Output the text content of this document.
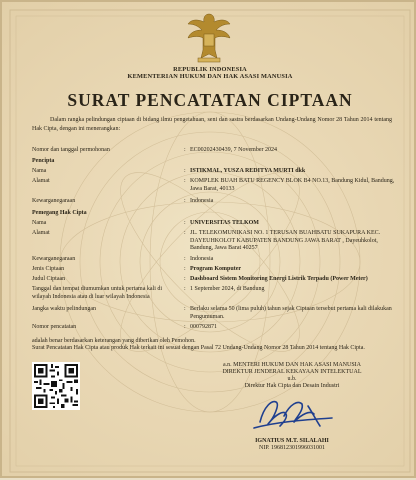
REPUBLIK INDONESIA
KEMENTERIAN HUKUM DAN HAK ASASI MANUSIA
SURAT PENCATATAN CIPTAAN
Dalam rangka pelindungan ciptaan di bidang ilmu pengetahuan, seni dan sastra berdasarkan Undang-Undang Nomor 28 Tahun 2014 tentang Hak Cipta, dengan ini menerangkan:
Nomor dan tanggal permohonan	: EC00202430439, 7 November 2024
Pencipta
Nama	: ISTIKMAL, YUSZA REDITYA MURTI dkk
Alamat	: KOMPLEK BUAH BATU REGENCY BLOK B4 NO.13, Bandung Kidul, Bandung, Jawa Barat, 40133
Kewarganegaraan	: Indonesia
Pemegang Hak Cipta
Nama	: UNIVERSITAS TELKOM
Alamat	: JL. TELEKOMUNIKASI NO. 1 TERUSAN BUAHBATU SUKAPURA KEC. DAYEUHKOLOT KABUPATEN BANDUNG JAWA BARAT , Dayeuhkolot, Bandung, Jawa Barat 40257
Kewarganegaraan	: Indonesia
Jenis Ciptaan	: Program Komputer
Judul Ciptaan	: Dashboard Sistem Monitoring Energi Listrik Terpadu (Power Meter)
Tanggal dan tempat diumumkan untuk pertama kali di wilayah Indonesia atau di luar wilayah Indonesia
: 1 September 2024, di Bandung
Jangka waktu pelindungan	: Berlaku selama 50 (lima puluh) tahun sejak Ciptaan tersebut pertama kali dilakukan Pengumuman.
Nomor pencatatan	: 000792871
adalah benar berdasarkan keterangan yang diberikan oleh Pemohon.
Surat Pencatatan Hak Cipta atau produk Hak terkait ini sesuai dengan Pasal 72 Undang-Undang Nomor 28 Tahun 2014 tentang Hak Cipta.
a.n. MENTERI HUKUM DAN HAK ASASI MANUSIA
DIREKTUR JENDERAL KEKAYAAN INTELEKTUAL
u.b.
Direktur Hak Cipta dan Desain Industri
IGNATIUS M.T. SILALAHI
NIP. 196812301996031001
